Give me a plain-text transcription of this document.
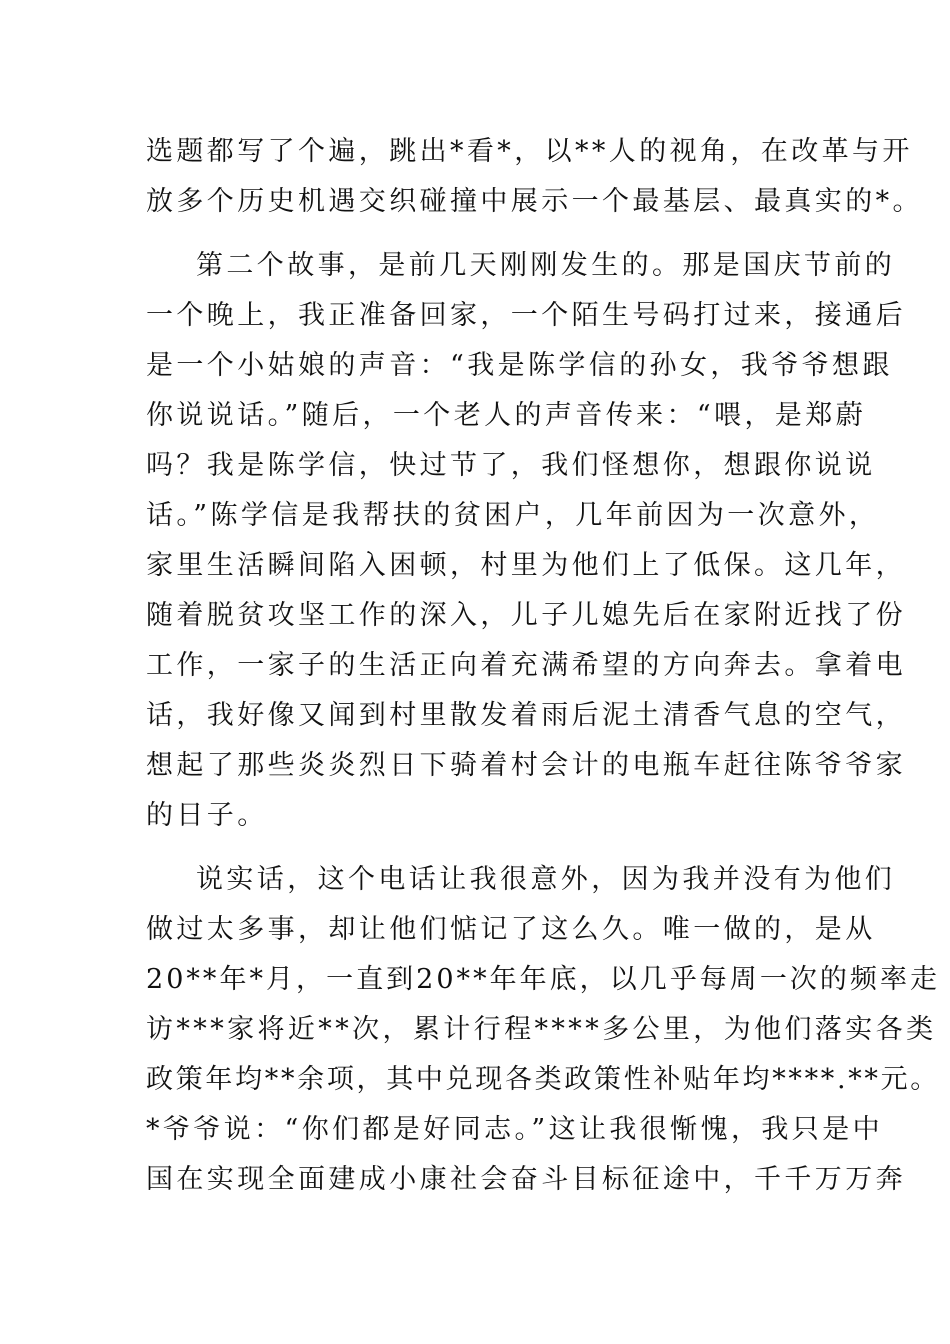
选题都写了个遍，跳出*看*，以**人的视角，在改革与开
放多个历史机遇交织碰撞中展示一个最基层、最真实的*。
第二个故事，是前几天刚刚发生的。那是国庆节前的
一个晚上，我正准备回家，一个陌生号码打过来，接通后
是一个小姑娘的声音：“我是陈学信的孙女，我爷爷想跟
你说说话。”随后，一个老人的声音传来：“喂，是郑蔚
吗？我是陈学信，快过节了，我们怪想你，想跟你说说
话。”陈学信是我帮扶的贫困户，几年前因为一次意外，
家里生活瞬间陷入困顿，村里为他们上了低保。这几年，
随着脱贫攻坚工作的深入，儿子儿媳先后在家附近找了份
工作，一家子的生活正向着充满希望的方向奔去。拿着电
话，我好像又闻到村里散发着雨后泥土清香气息的空气，
想起了那些炎炎烈日下骑着村会计的电瓶车赶往陈爷爷家
的日子。
说实话，这个电话让我很意外，因为我并没有为他们
做过太多事，却让他们惦记了这么久。唯一做的，是从
20**年*月，一直到20**年年底，以几乎每周一次的频率走
访***家将近**次，累计行程****多公里，为他们落实各类
政策年均**余项，其中兑现各类政策性补贴年均****.**元。
*爷爷说：“你们都是好同志。”这让我很惭愧，我只是中
国在实现全面建成小康社会奋斗目标征途中，千千万万奔
